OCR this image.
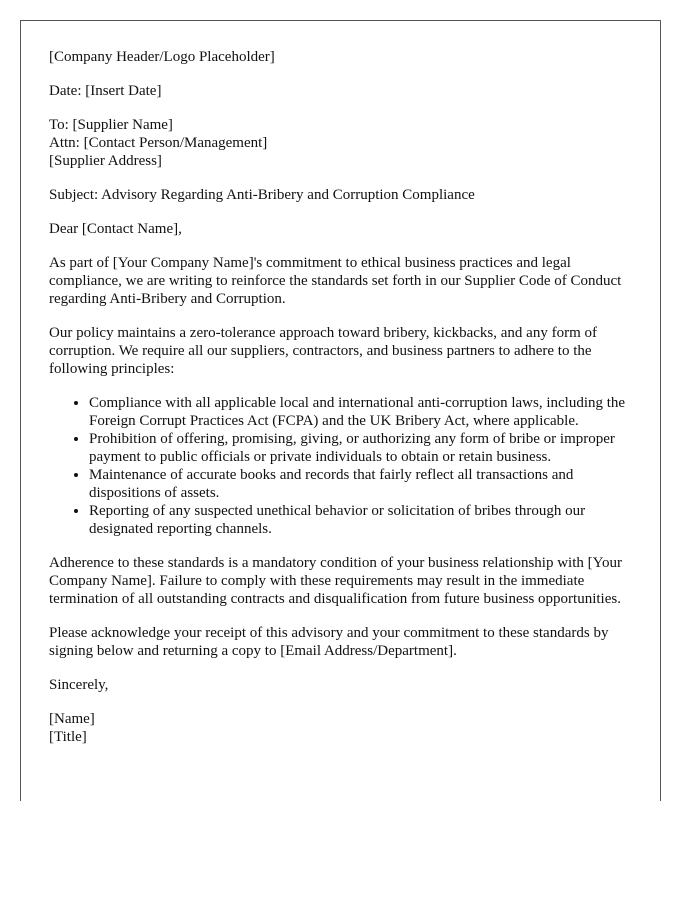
[Company Header/Logo Placeholder]

Date: [Insert Date]

To: [Supplier Name]
Attn: [Contact Person/Management]
[Supplier Address]

Subject: Advisory Regarding Anti-Bribery and Corruption Compliance

Dear [Contact Name],

As part of [Your Company Name]'s commitment to ethical business practices and legal compliance, we are writing to reinforce the standards set forth in our Supplier Code of Conduct regarding Anti-Bribery and Corruption.

Our policy maintains a zero-tolerance approach toward bribery, kickbacks, and any form of corruption. We require all our suppliers, contractors, and business partners to adhere to the following principles:

• Compliance with all applicable local and international anti-corruption laws, including the Foreign Corrupt Practices Act (FCPA) and the UK Bribery Act, where applicable.
• Prohibition of offering, promising, giving, or authorizing any form of bribe or improper payment to public officials or private individuals to obtain or retain business.
• Maintenance of accurate books and records that fairly reflect all transactions and dispositions of assets.
• Reporting of any suspected unethical behavior or solicitation of bribes through our designated reporting channels.

Adherence to these standards is a mandatory condition of your business relationship with [Your Company Name]. Failure to comply with these requirements may result in the immediate termination of all outstanding contracts and disqualification from future business opportunities.

Please acknowledge your receipt of this advisory and your commitment to these standards by signing below and returning a copy to [Email Address/Department].

Sincerely,

[Name]
[Title]
